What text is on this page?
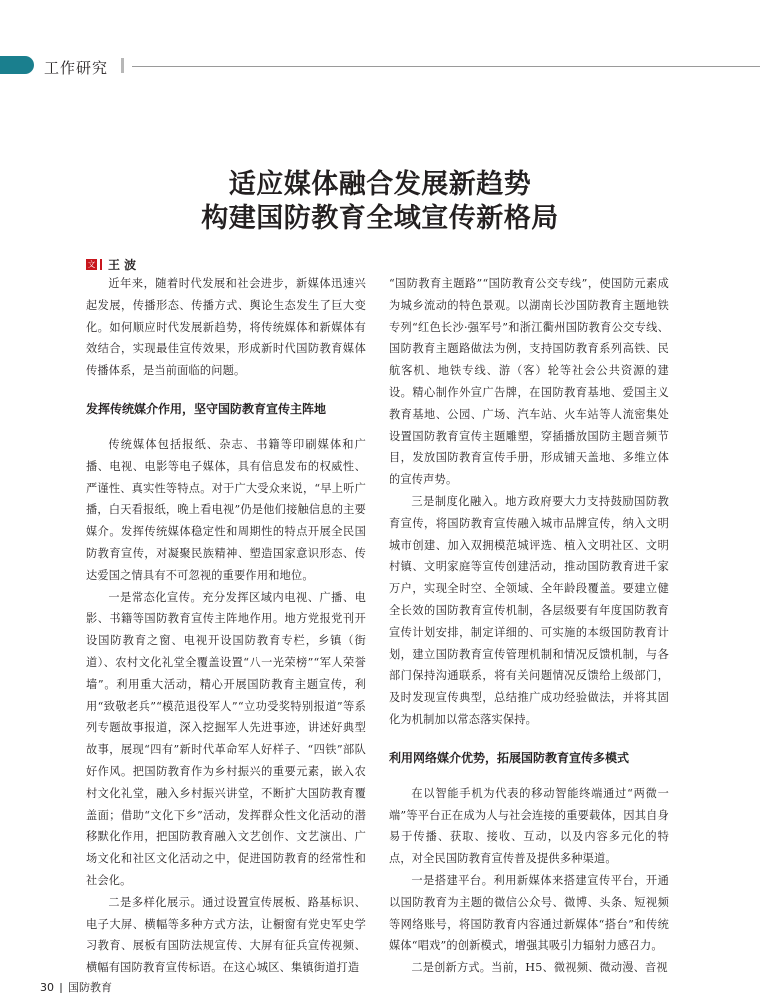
工作研究
适应媒体融合发展新趋势
构建国防教育全域宣传新格局
文 王 波

近年来，随着时代发展和社会进步，新媒体迅速兴起发展，传播形态、传播方式、舆论生态发生了巨大变化。如何顺应时代发展新趋势，将传统媒体和新媒体有效结合，实现最佳宣传效果，形成新时代国防教育媒体传播体系，是当前面临的问题。

发挥传统媒介作用，坚守国防教育宣传主阵地

传统媒体包括报纸、杂志、书籍等印刷媒体和广播、电视、电影等电子媒体，具有信息发布的权威性、严谨性、真实性等特点。对于广大受众来说，“早上听广播，白天看报纸，晚上看电视”仍是他们接触信息的主要媒介。发挥传统媒体稳定性和周期性的特点开展全民国防教育宣传，对凝聚民族精神、塑造国家意识形态、传达爱国之情具有不可忽视的重要作用和地位。

一是常态化宣传。充分发挥区域内电视、广播、电影、书籍等国防教育宣传主阵地作用。地方党报党刊开设国防教育之窗、电视开设国防教育专栏，乡镇（街道）、农村文化礼堂全覆盖设置“八一光荣榜”“军人荣誉墙”。利用重大活动，精心开展国防教育主题宣传，利用“致敬老兵”“模范退役军人”“立功受奖特别报道”等系列专题故事报道，深入挖掘军人先进事迹，讲述好典型故事，展现“四有”新时代革命军人好样子、“四铁”部队好作风。把国防教育作为乡村振兴的重要元素，嵌入农村文化礼堂，融入乡村振兴讲堂，不断扩大国防教育覆盖面；借助“文化下乡”活动，发挥群众性文化活动的潜移默化作用，把国防教育融入文艺创作、文艺演出、广场文化和社区文化活动之中，促进国防教育的经常性和社会化。

二是多样化展示。通过设置宣传展板、路基标识、电子大屏、横幅等多种方式方法，让橱窗有党史军史学习教育、展板有国防法规宣传、大屏有征兵宣传视频、横幅有国防教育宣传标语。在这心城区、集镇街道打造

“国防教育主题路”“国防教育公交专线”，使国防元素成为城乡流动的特色景观。以湖南长沙国防教育主题地铁专列“红色长沙·强军号”和浙江衢州国防教育公交专线、国防教育主题路做法为例，支持国防教育系列高铁、民航客机、地铁专线、游（客）轮等社会公共资源的建设。精心制作外宣广告牌，在国防教育基地、爱国主义教育基地、公园、广场、汽车站、火车站等人流密集处设置国防教育宣传主题雕塑，穿插播放国防主题音频节目，发放国防教育宣传手册，形成铺天盖地、多维立体的宣传声势。

三是制度化融入。地方政府要大力支持鼓励国防教育宣传，将国防教育宣传融入城市品牌宣传，纳入文明城市创建、加入双拥模范城评选、植入文明社区、文明村镇、文明家庭等宣传创建活动，推动国防教育进千家万户，实现全时空、全领域、全年龄段覆盖。要建立健全长效的国防教育宣传机制，各层级要有年度国防教育宣传计划安排，制定详细的、可实施的本级国防教育计划，建立国防教育宣传管理机制和情况反馈机制，与各部门保持沟通联系，将有关问题情况反馈给上级部门，及时发现宣传典型，总结推广成功经验做法，并将其固化为机制加以常态落实保持。

利用网络媒介优势，拓展国防教育宣传多模式

在以智能手机为代表的移动智能终端通过“两微一端”等平台正在成为人与社会连接的重要载体，因其自身易于传播、获取、接收、互动，以及内容多元化的特点，对全民国防教育宣传普及提供多种渠道。

一是搭建平台。利用新媒体来搭建宣传平台，开通以国防教育为主题的微信公众号、微博、头条、短视频等网络账号，将国防教育内容通过新媒体“搭台”和传统媒体“唱戏”的创新模式，增强其吸引力辐射力感召力。

二是创新方式。当前，H5、微视频、微动漫、音视

30 国防教育
